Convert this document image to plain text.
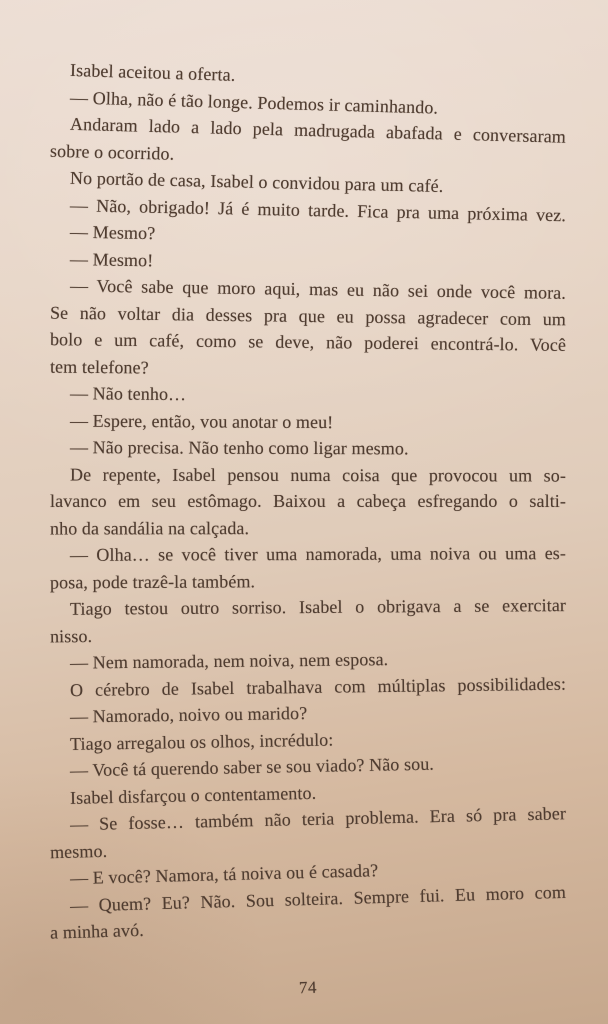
Isabel aceitou a oferta.
— Olha, não é tão longe. Podemos ir caminhando.
Andaram lado a lado pela madrugada abafada e conversaram
sobre o ocorrido.
No portão de casa, Isabel o convidou para um café.
— Não, obrigado! Já é muito tarde. Fica pra uma próxima vez.
— Mesmo?
— Mesmo!
— Você sabe que moro aqui, mas eu não sei onde você mora.
Se não voltar dia desses pra que eu possa agradecer com um
bolo e um café, como se deve, não poderei encontrá-lo. Você
tem telefone?
— Não tenho…
— Espere, então, vou anotar o meu!
— Não precisa. Não tenho como ligar mesmo.
De repente, Isabel pensou numa coisa que provocou um so-
lavanco em seu estômago. Baixou a cabeça esfregando o salti-
nho da sandália na calçada.
— Olha… se você tiver uma namorada, uma noiva ou uma es-
posa, pode trazê-la também.
Tiago testou outro sorriso. Isabel o obrigava a se exercitar
nisso.
— Nem namorada, nem noiva, nem esposa.
O cérebro de Isabel trabalhava com múltiplas possibilidades:
— Namorado, noivo ou marido?
Tiago arregalou os olhos, incrédulo:
— Você tá querendo saber se sou viado? Não sou.
Isabel disfarçou o contentamento.
— Se fosse… também não teria problema. Era só pra saber
mesmo.
— E você? Namora, tá noiva ou é casada?
— Quem? Eu? Não. Sou solteira. Sempre fui. Eu moro com
a minha avó.
74
